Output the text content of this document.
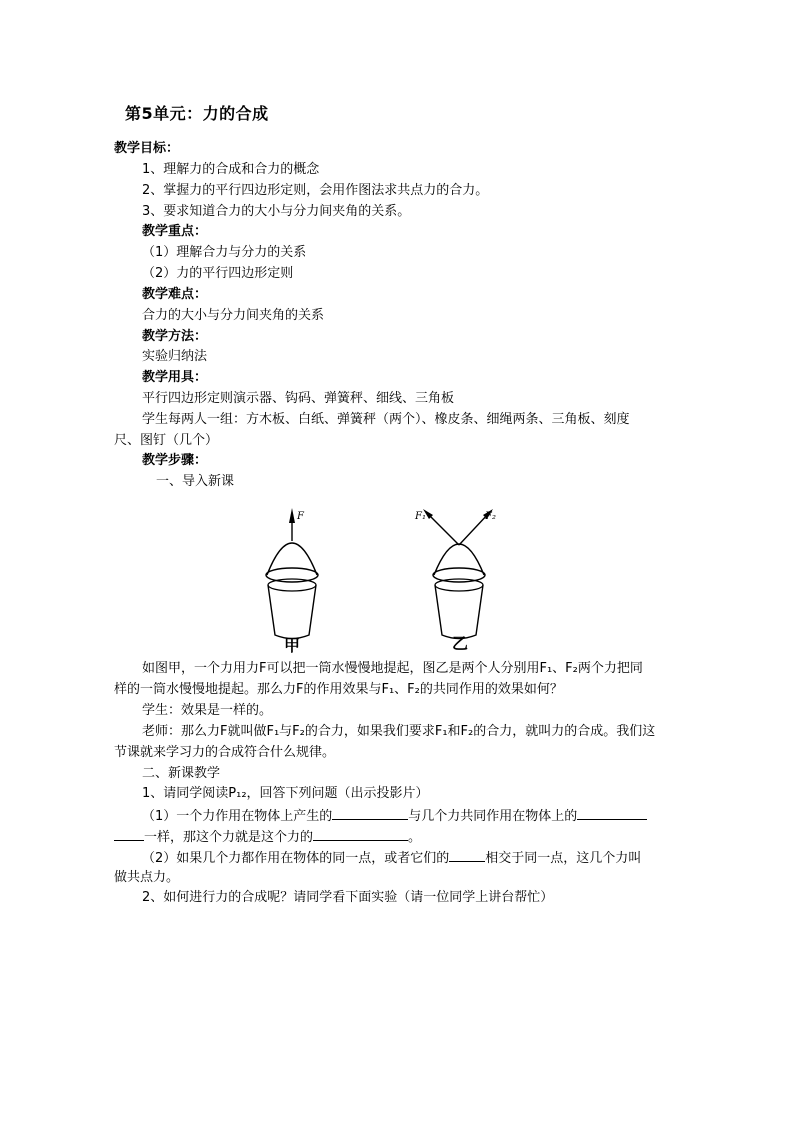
第5单元：力的合成
教学目标：
1、理解力的合成和合力的概念
2、掌握力的平行四边形定则，会用作图法求共点力的合力。
3、要求知道合力的大小与分力间夹角的关系。
教学重点：
（1）理解合力与分力的关系
（2）力的平行四边形定则
教学难点：
合力的大小与分力间夹角的关系
教学方法：
实验归纳法
教学用具：
平行四边形定则演示器、钩码、弹簧秤、细线、三角板
学生每两人一组：方木板、白纸、弹簧秤（两个）、橡皮条、细绳两条、三角板、刻度
尺、图钉（几个）
教学步骤：
一、导入新课
F
甲
F₁	F₂
乙
如图甲，一个力用力F可以把一筒水慢慢地提起，图乙是两个人分别用F₁、F₂两个力把同
样的一筒水慢慢地提起。那么力F的作用效果与F₁、F₂的共同作用的效果如何？
学生：效果是一样的。
老师：那么力F就叫做F₁与F₂的合力，如果我们要求F₁和F₂的合力，就叫力的合成。我们这
节课就来学习力的合成符合什么规律。
二、新课教学
1、请同学阅读P₁₂，回答下列问题（出示投影片）
（1）一个力作用在物体上产生的	与几个力共同作用在物体上的
一样，那这个力就是这个力的	。
（2）如果几个力都作用在物体的同一点，或者它们的	相交于同一点，这几个力叫
做共点力。
2、如何进行力的合成呢？请同学看下面实验（请一位同学上讲台帮忙）
